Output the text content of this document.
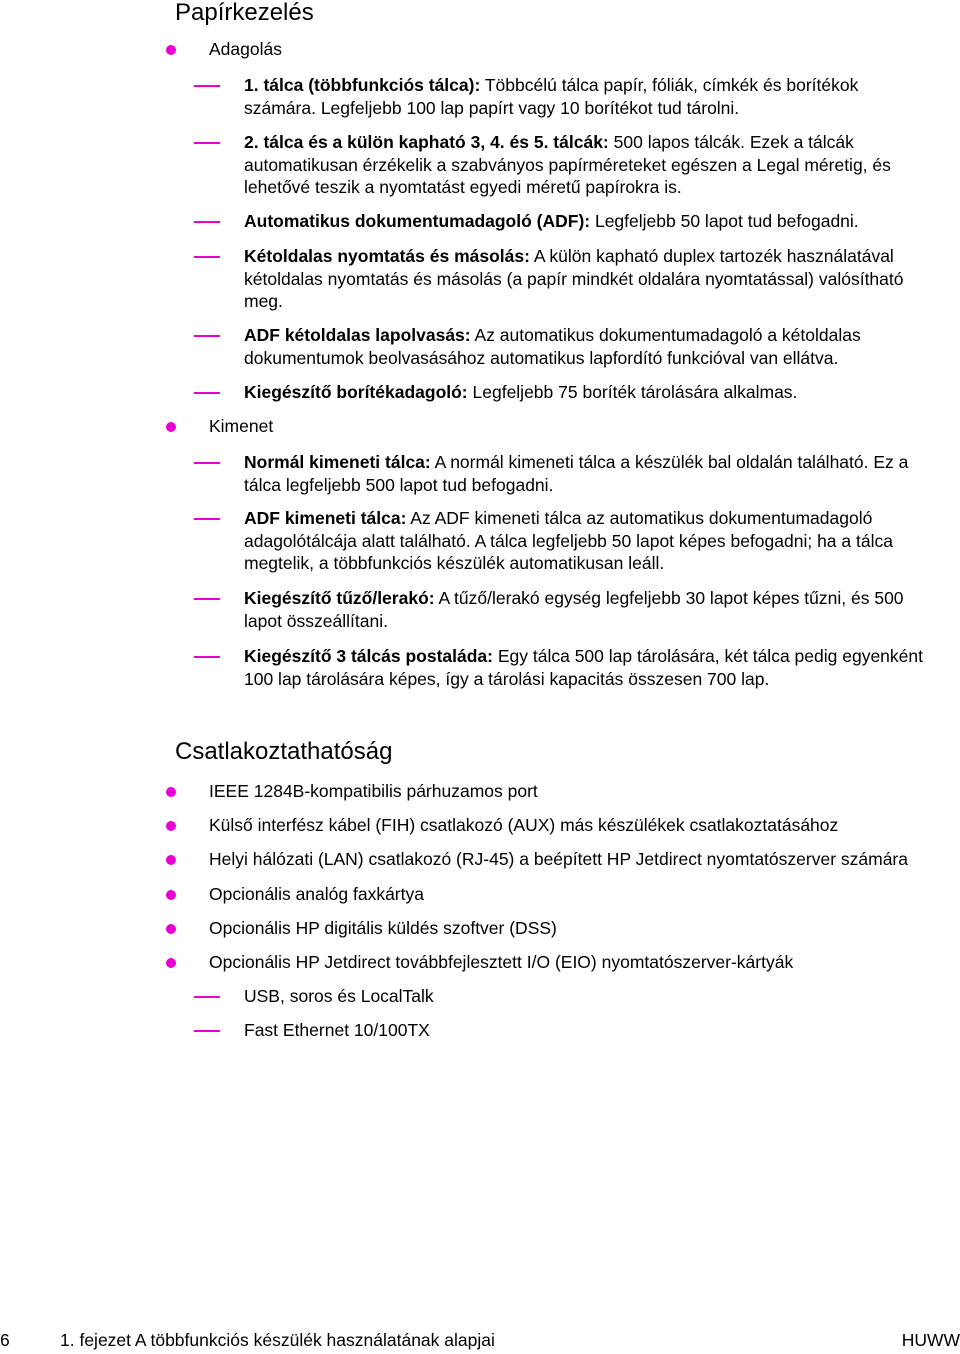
Papírkezelés
Adagolás
1. tálca (többfunkciós tálca): Többcélú tálca papír, fóliák, címkék és borítékok számára. Legfeljebb 100 lap papírt vagy 10 borítékot tud tárolni.
2. tálca és a külön kapható 3, 4. és 5. tálcák: 500 lapos tálcák. Ezek a tálcák automatikusan érzékelik a szabványos papírméreteket egészen a Legal méretig, és lehetővé teszik a nyomtatást egyedi méretű papírokra is.
Automatikus dokumentumadagoló (ADF): Legfeljebb 50 lapot tud befogadni.
Kétoldalas nyomtatás és másolás: A külön kapható duplex tartozék használatával kétoldalas nyomtatás és másolás (a papír mindkét oldalára nyomtatással) valósítható meg.
ADF kétoldalas lapolvasás: Az automatikus dokumentumadagoló a kétoldalas dokumentumok beolvasásához automatikus lapfordító funkcióval van ellátva.
Kiegészítő borítékadagoló: Legfeljebb 75 boríték tárolására alkalmas.
Kimenet
Normál kimeneti tálca: A normál kimeneti tálca a készülék bal oldalán található. Ez a tálca legfeljebb 500 lapot tud befogadni.
ADF kimeneti tálca: Az ADF kimeneti tálca az automatikus dokumentumadagoló adagolótálcája alatt található. A tálca legfeljebb 50 lapot képes befogadni; ha a tálca megtelik, a többfunkciós készülék automatikusan leáll.
Kiegészítő tűző/lerakó: A tűző/lerakó egység legfeljebb 30 lapot képes tűzni, és 500 lapot összeállítani.
Kiegészítő 3 tálcás postaláda: Egy tálca 500 lap tárolására, két tálca pedig egyenként 100 lap tárolására képes, így a tárolási kapacitás összesen 700 lap.
Csatlakoztathatóság
IEEE 1284B-kompatibilis párhuzamos port
Külső interfész kábel (FIH) csatlakozó (AUX) más készülékek csatlakoztatásához
Helyi hálózati (LAN) csatlakozó (RJ-45) a beépített HP Jetdirect nyomtatószerver számára
Opcionális analóg faxkártya
Opcionális HP digitális küldés szoftver (DSS)
Opcionális HP Jetdirect továbbfejlesztett I/O (EIO) nyomtatószerver-kártyák
USB, soros és LocalTalk
Fast Ethernet 10/100TX
6	1. fejezet A többfunkciós készülék használatának alapjai	HUWW
